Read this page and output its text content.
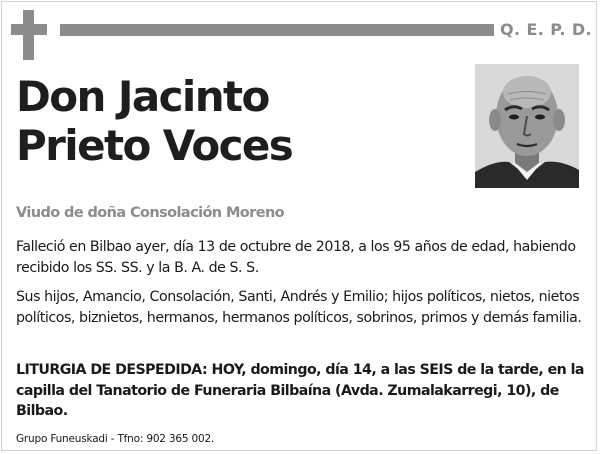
Q. E. P. D.
Don Jacinto
Prieto Voces
Viudo de doña Consolación Moreno

Falleció en Bilbao ayer, día 13 de octubre de 2018, a los 95 años de edad, habiendo recibido los SS. SS. y la B. A. de S. S.

Sus hijos, Amancio, Consolación, Santi, Andrés y Emilio; hijos políticos, nietos, nietos políticos, biznietos, hermanos, hermanos políticos, sobrinos, primos y demás familia.

LITURGIA DE DESPEDIDA: HOY, domingo, día 14, a las SEIS de la tarde, en la capilla del Tanatorio de Funeraria Bilbaína (Avda. Zumalakarregi, 10), de Bilbao.

Grupo Funeuskadi - Tfno: 902 365 002.
